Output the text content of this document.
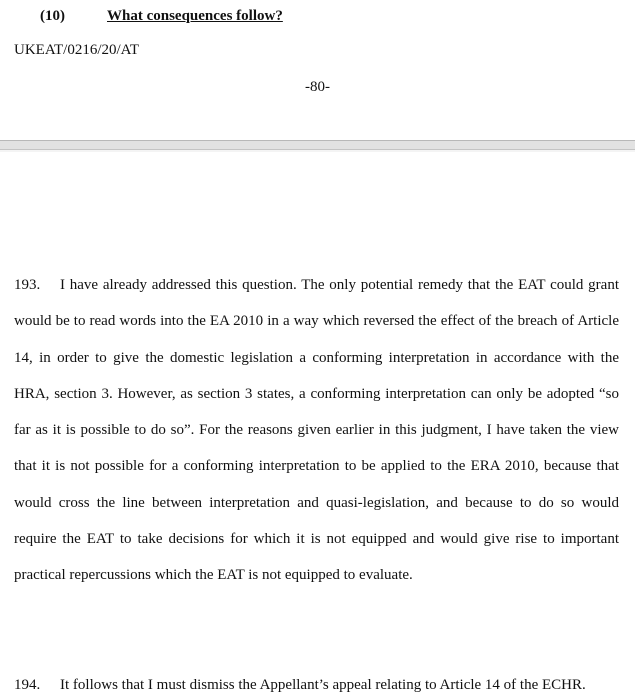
(10)	What consequences follow?
UKEAT/0216/20/AT
-80-

193. I have already addressed this question. The only potential remedy that the EAT could grant would be to read words into the EA 2010 in a way which reversed the effect of the breach of Article 14, in order to give the domestic legislation a conforming interpretation in accordance with the HRA, section 3. However, as section 3 states, a conforming interpretation can only be adopted “so far as it is possible to do so”. For the reasons given earlier in this judgment, I have taken the view that it is not possible for a conforming interpretation to be applied to the ERA 2010, because that would cross the line between interpretation and quasi-legislation, and because to do so would require the EAT to take decisions for which it is not equipped and would give rise to important practical repercussions which the EAT is not equipped to evaluate.

194. It follows that I must dismiss the Appellant’s appeal relating to Article 14 of the ECHR.
